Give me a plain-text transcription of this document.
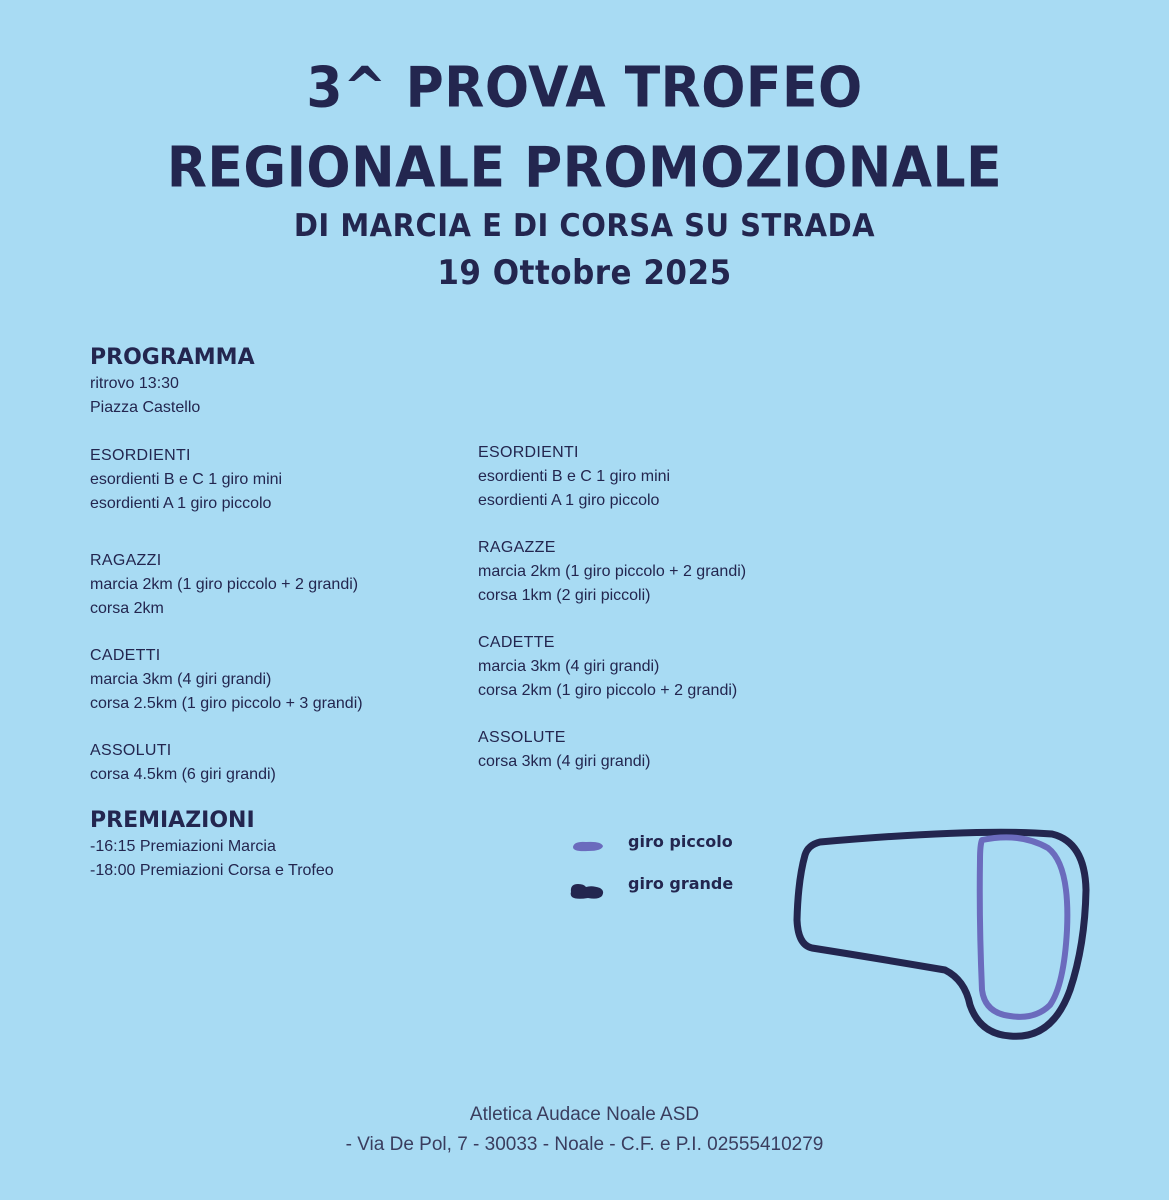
3^ PROVA TROFEO
REGIONALE PROMOZIONALE
DI MARCIA E DI CORSA SU STRADA
19 Ottobre 2025
PROGRAMMA
ritrovo 13:30
Piazza Castello
ESORDIENTI
esordienti B e C 1 giro mini
esordienti A 1 giro piccolo
RAGAZZI
marcia 2km (1 giro piccolo + 2 grandi)
corsa 2km
CADETTI
marcia 3km (4 giri grandi)
corsa 2.5km (1 giro piccolo + 3 grandi)
ASSOLUTI
corsa 4.5km (6 giri grandi)
PREMIAZIONI
-16:15 Premiazioni Marcia
-18:00 Premiazioni Corsa e Trofeo
ESORDIENTI
esordienti B e C 1 giro mini
esordienti A 1 giro piccolo
RAGAZZE
marcia 2km (1 giro piccolo + 2 grandi)
corsa 1km (2 giri piccoli)
CADETTE
marcia 3km (4 giri grandi)
corsa 2km (1 giro piccolo + 2 grandi)
ASSOLUTE
corsa 3km (4 giri grandi)
giro piccolo
giro grande
Atletica Audace Noale ASD
- Via De Pol, 7 - 30033 - Noale - C.F. e P.I. 02555410279
